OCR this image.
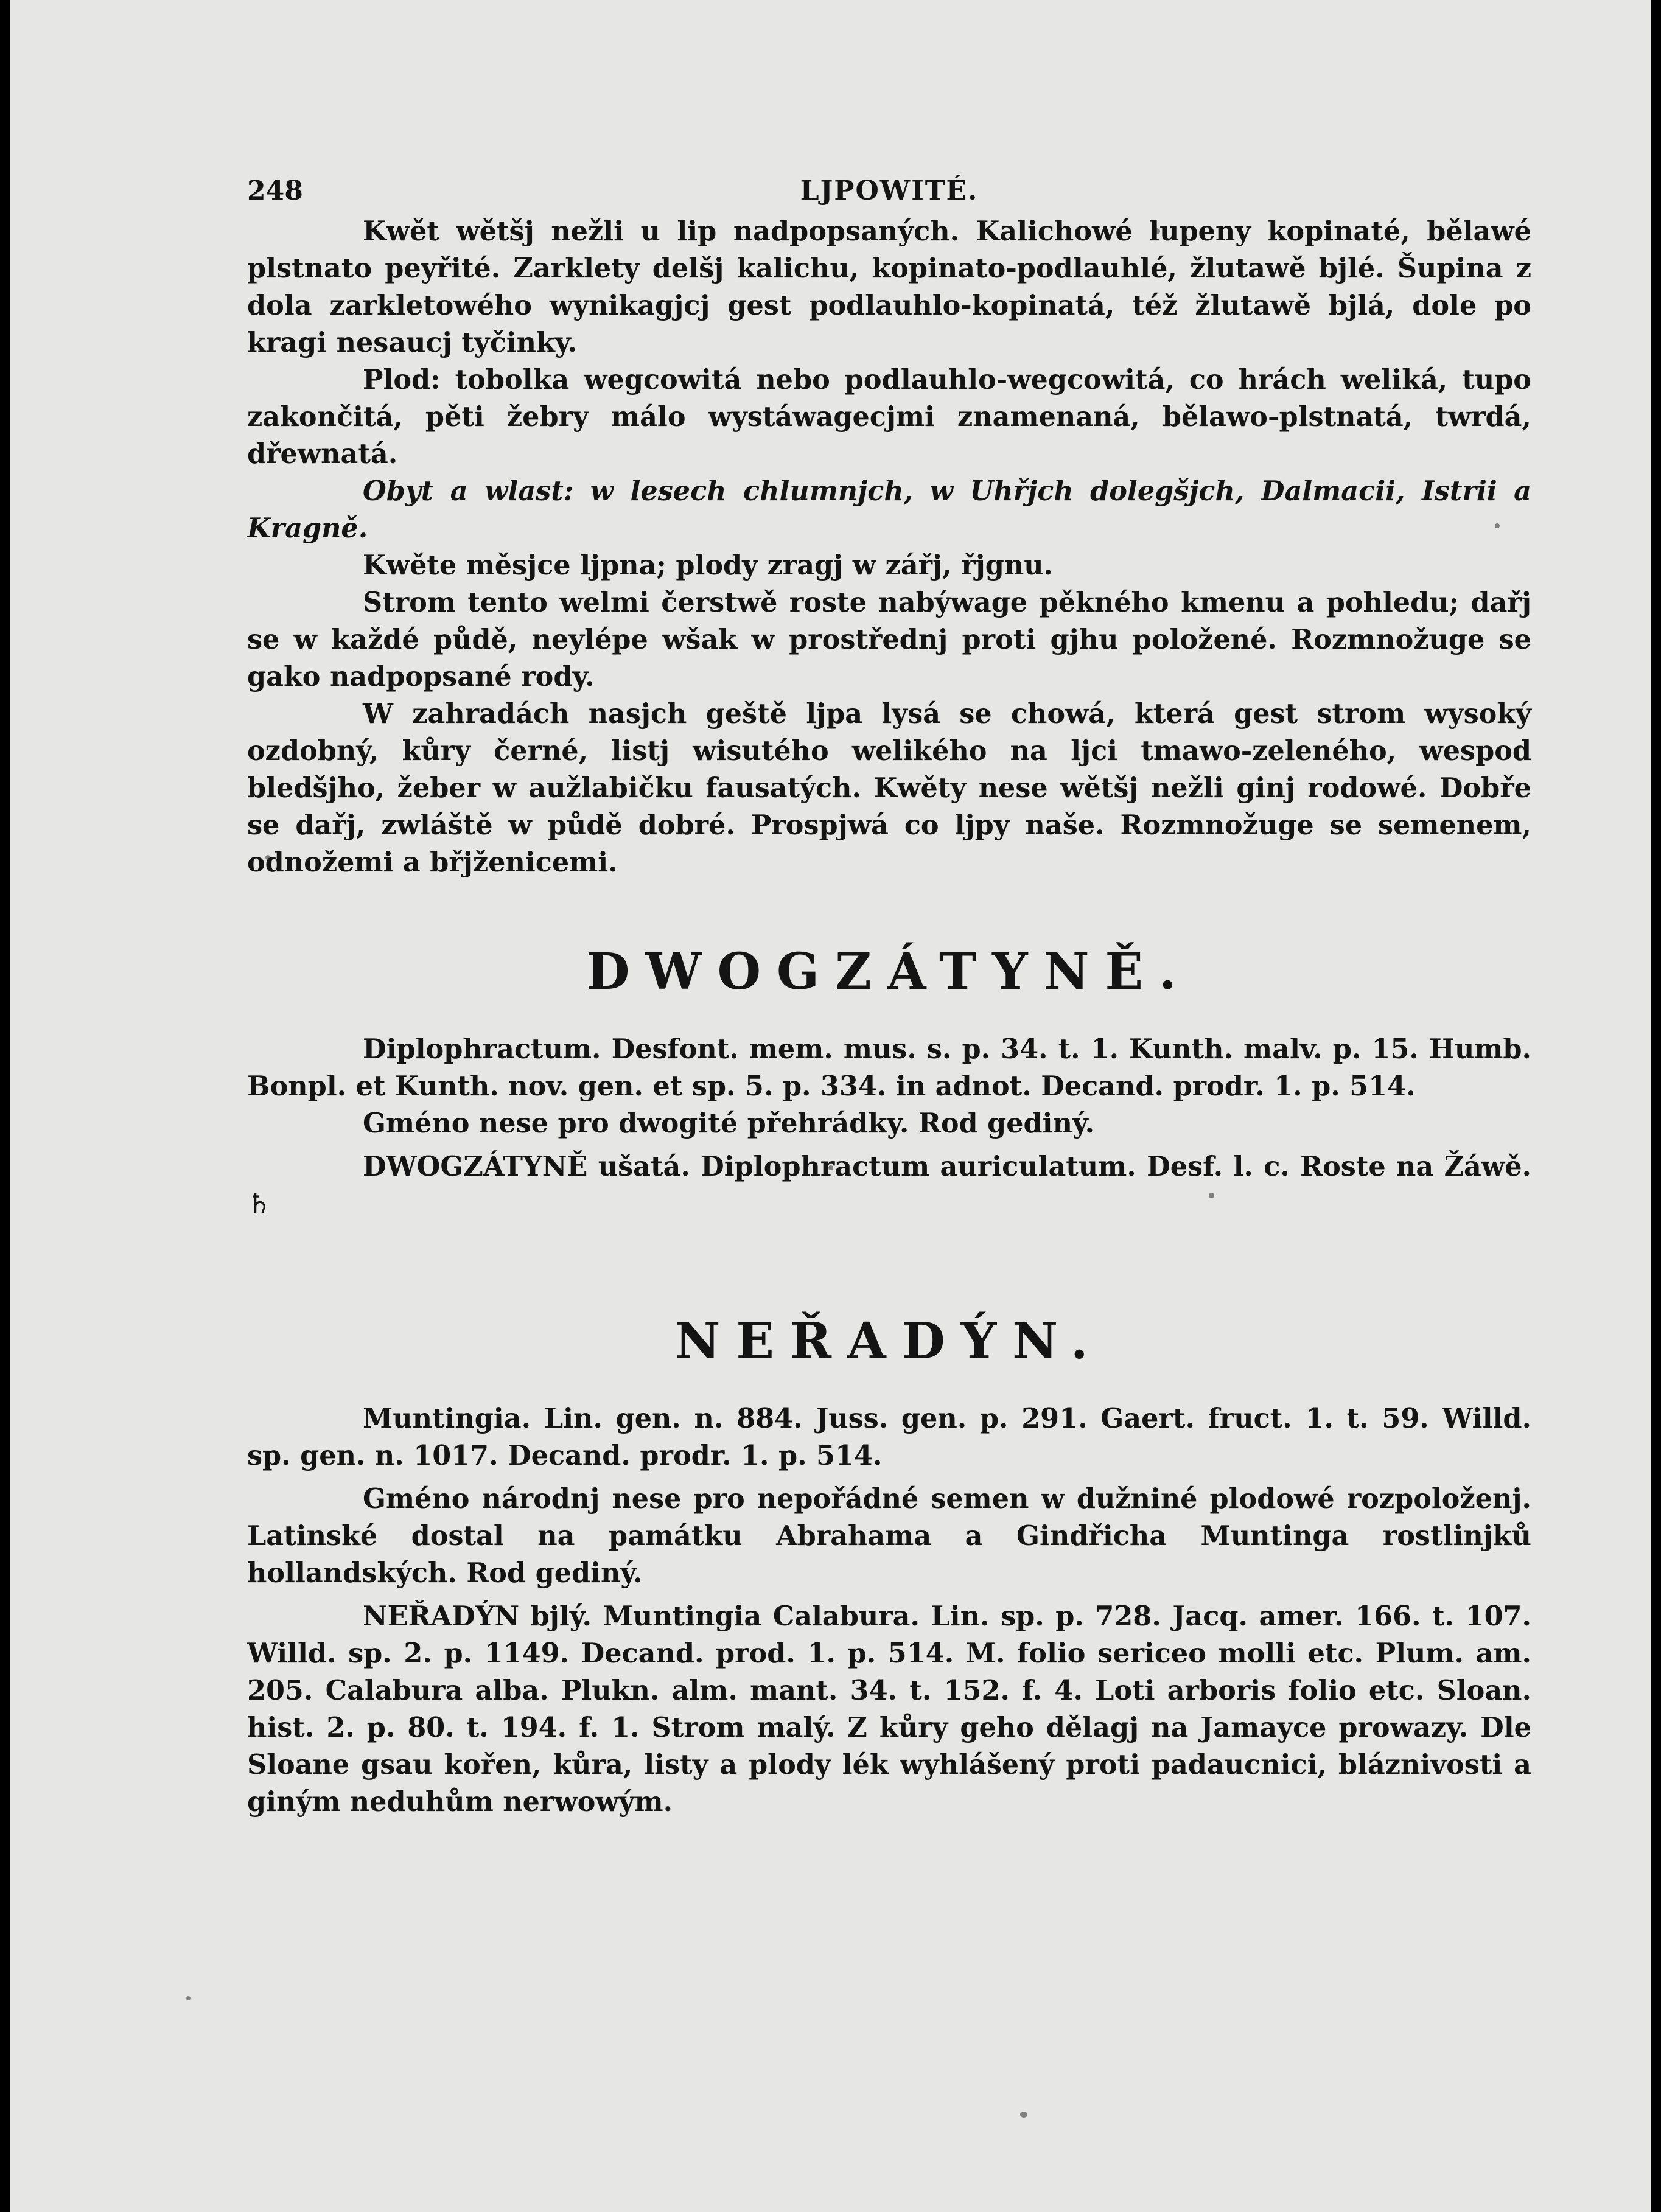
248	LJPOWITÉ.

Kwět wětšj nežli u lip nadpopsaných. Kalichowé lupeny kopinaté, bělawé plstnato peyřité. Zarklety delšj kalichu, kopinato-podlauhlé, žlutawě bjlé. Šupina z dola zarkletowého wynikagjcj gest podlauhlo-kopinatá, též žlutawě bjlá, dole po kragi nesaucj tyčinky.

Plod: tobolka wegcowitá nebo podlauhlo-wegcowitá, co hrách weliká, tupo zakončitá, pěti žebry málo wystáwagecjmi znamenaná, bělawo-plstnatá, twrdá, dřewnatá.

Obyt a wlast: w lesech chlumnjch, w Uhřjch dolegšjch, Dalmacii, Istrii a Kragně.

Kwěte měsjce ljpna; plody zragj w zářj, řjgnu.

Strom tento welmi čerstwě roste nabýwage pěkného kmenu a pohledu; dařj se w každé půdě, neylépe wšak w prostřednj proti gjhu položené. Rozmnožuge se gako nadpopsané rody.

W zahradách nasjch geště ljpa lysá se chowá, která gest strom wysoký ozdobný, kůry černé, listj wisutého welikého na ljci tmawo-zeleného, wespod bledšjho, žeber w aužlabičku fausatých. Kwěty nese wětšj nežli ginj rodowé. Dobře se dařj, zwláště w půdě dobré. Prospjwá co ljpy naše. Rozmnožuge se semenem, odnožemi a břjženicemi.

DWOGZÁTYNĚ.

Diplophractum. Desfont. mem. mus. s. p. 34. t. 1. Kunth. malv. p. 15. Humb. Bonpl. et Kunth. nov. gen. et sp. 5. p. 334. in adnot. Decand. prodr. 1. p. 514.

Gméno nese pro dwogité přehrádky. Rod gediný.

DWOGZÁTYNĚ ušatá. Diplophractum auriculatum. Desf. l. c. Roste na Žáwě. ♄

NEŘADÝN.

Muntingia. Lin. gen. n. 884. Juss. gen. p. 291. Gaert. fruct. 1. t. 59. Willd. sp. gen. n. 1017. Decand. prodr. 1. p. 514.

Gméno národnj nese pro nepořádné semen w dužniné plodowé rozpoloženj. Latinské dostal na památku Abrahama a Gindřicha Muntinga rostlinjků hollandských. Rod gediný.

NEŘADÝN bjlý. Muntingia Calabura. Lin. sp. p. 728. Jacq. amer. 166. t. 107. Willd. sp. 2. p. 1149. Decand. prod. 1. p. 514. M. folio sericeo molli etc. Plum. am. 205. Calabura alba. Plukn. alm. mant. 34. t. 152. f. 4. Loti arboris folio etc. Sloan. hist. 2. p. 80. t. 194. f. 1. Strom malý. Z kůry geho dělagj na Jamayce prowazy. Dle Sloane gsau kořen, kůra, listy a plody lék wyhlášený proti padaucnici, bláznivosti a giným neduhům nerwowým.
